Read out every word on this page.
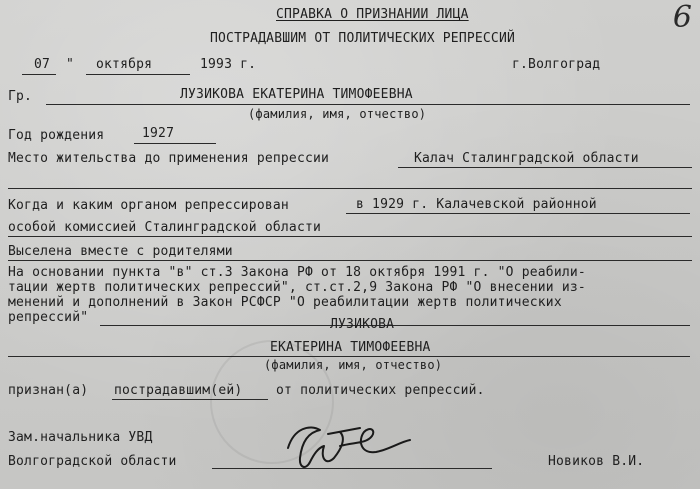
6
СПРАВКА О ПРИЗНАНИИ ЛИЦА
ПОСТРАДАВШИМ ОТ ПОЛИТИЧЕСКИХ РЕПРЕССИЙ
07 " октября	1993 г.	г.Волгоград
Гр.	ЛУЗИКОВА ЕКАТЕРИНА ТИМОФЕЕВНА
(фамилия, имя, отчество)
Год рождения	1927
Место жительства до применения репрессии	Калач Сталинградской области
Когда и каким органом репрессирован	в 1929 г. Калачевской районной
особой комиссией Сталинградской области
Выселена вместе с родителями
На основании пункта "в" ст.3 Закона РФ от 18 октября 1991 г. "О реабили-
тации жертв политических репрессий", ст.ст.2,9 Закона РФ "О внесении из-
менений и дополнений в Закон РСФСР "О реабилитации жертв политических
репрессий"	ЛУЗИКОВА
ЕКАТЕРИНА ТИМОФЕЕВНА
(фамилия, имя, отчество)
признан(а) пострадавшим(ей)	от политических репрессий.
Зам.начальника УВД
Волгоградской области	Новиков В.И.
